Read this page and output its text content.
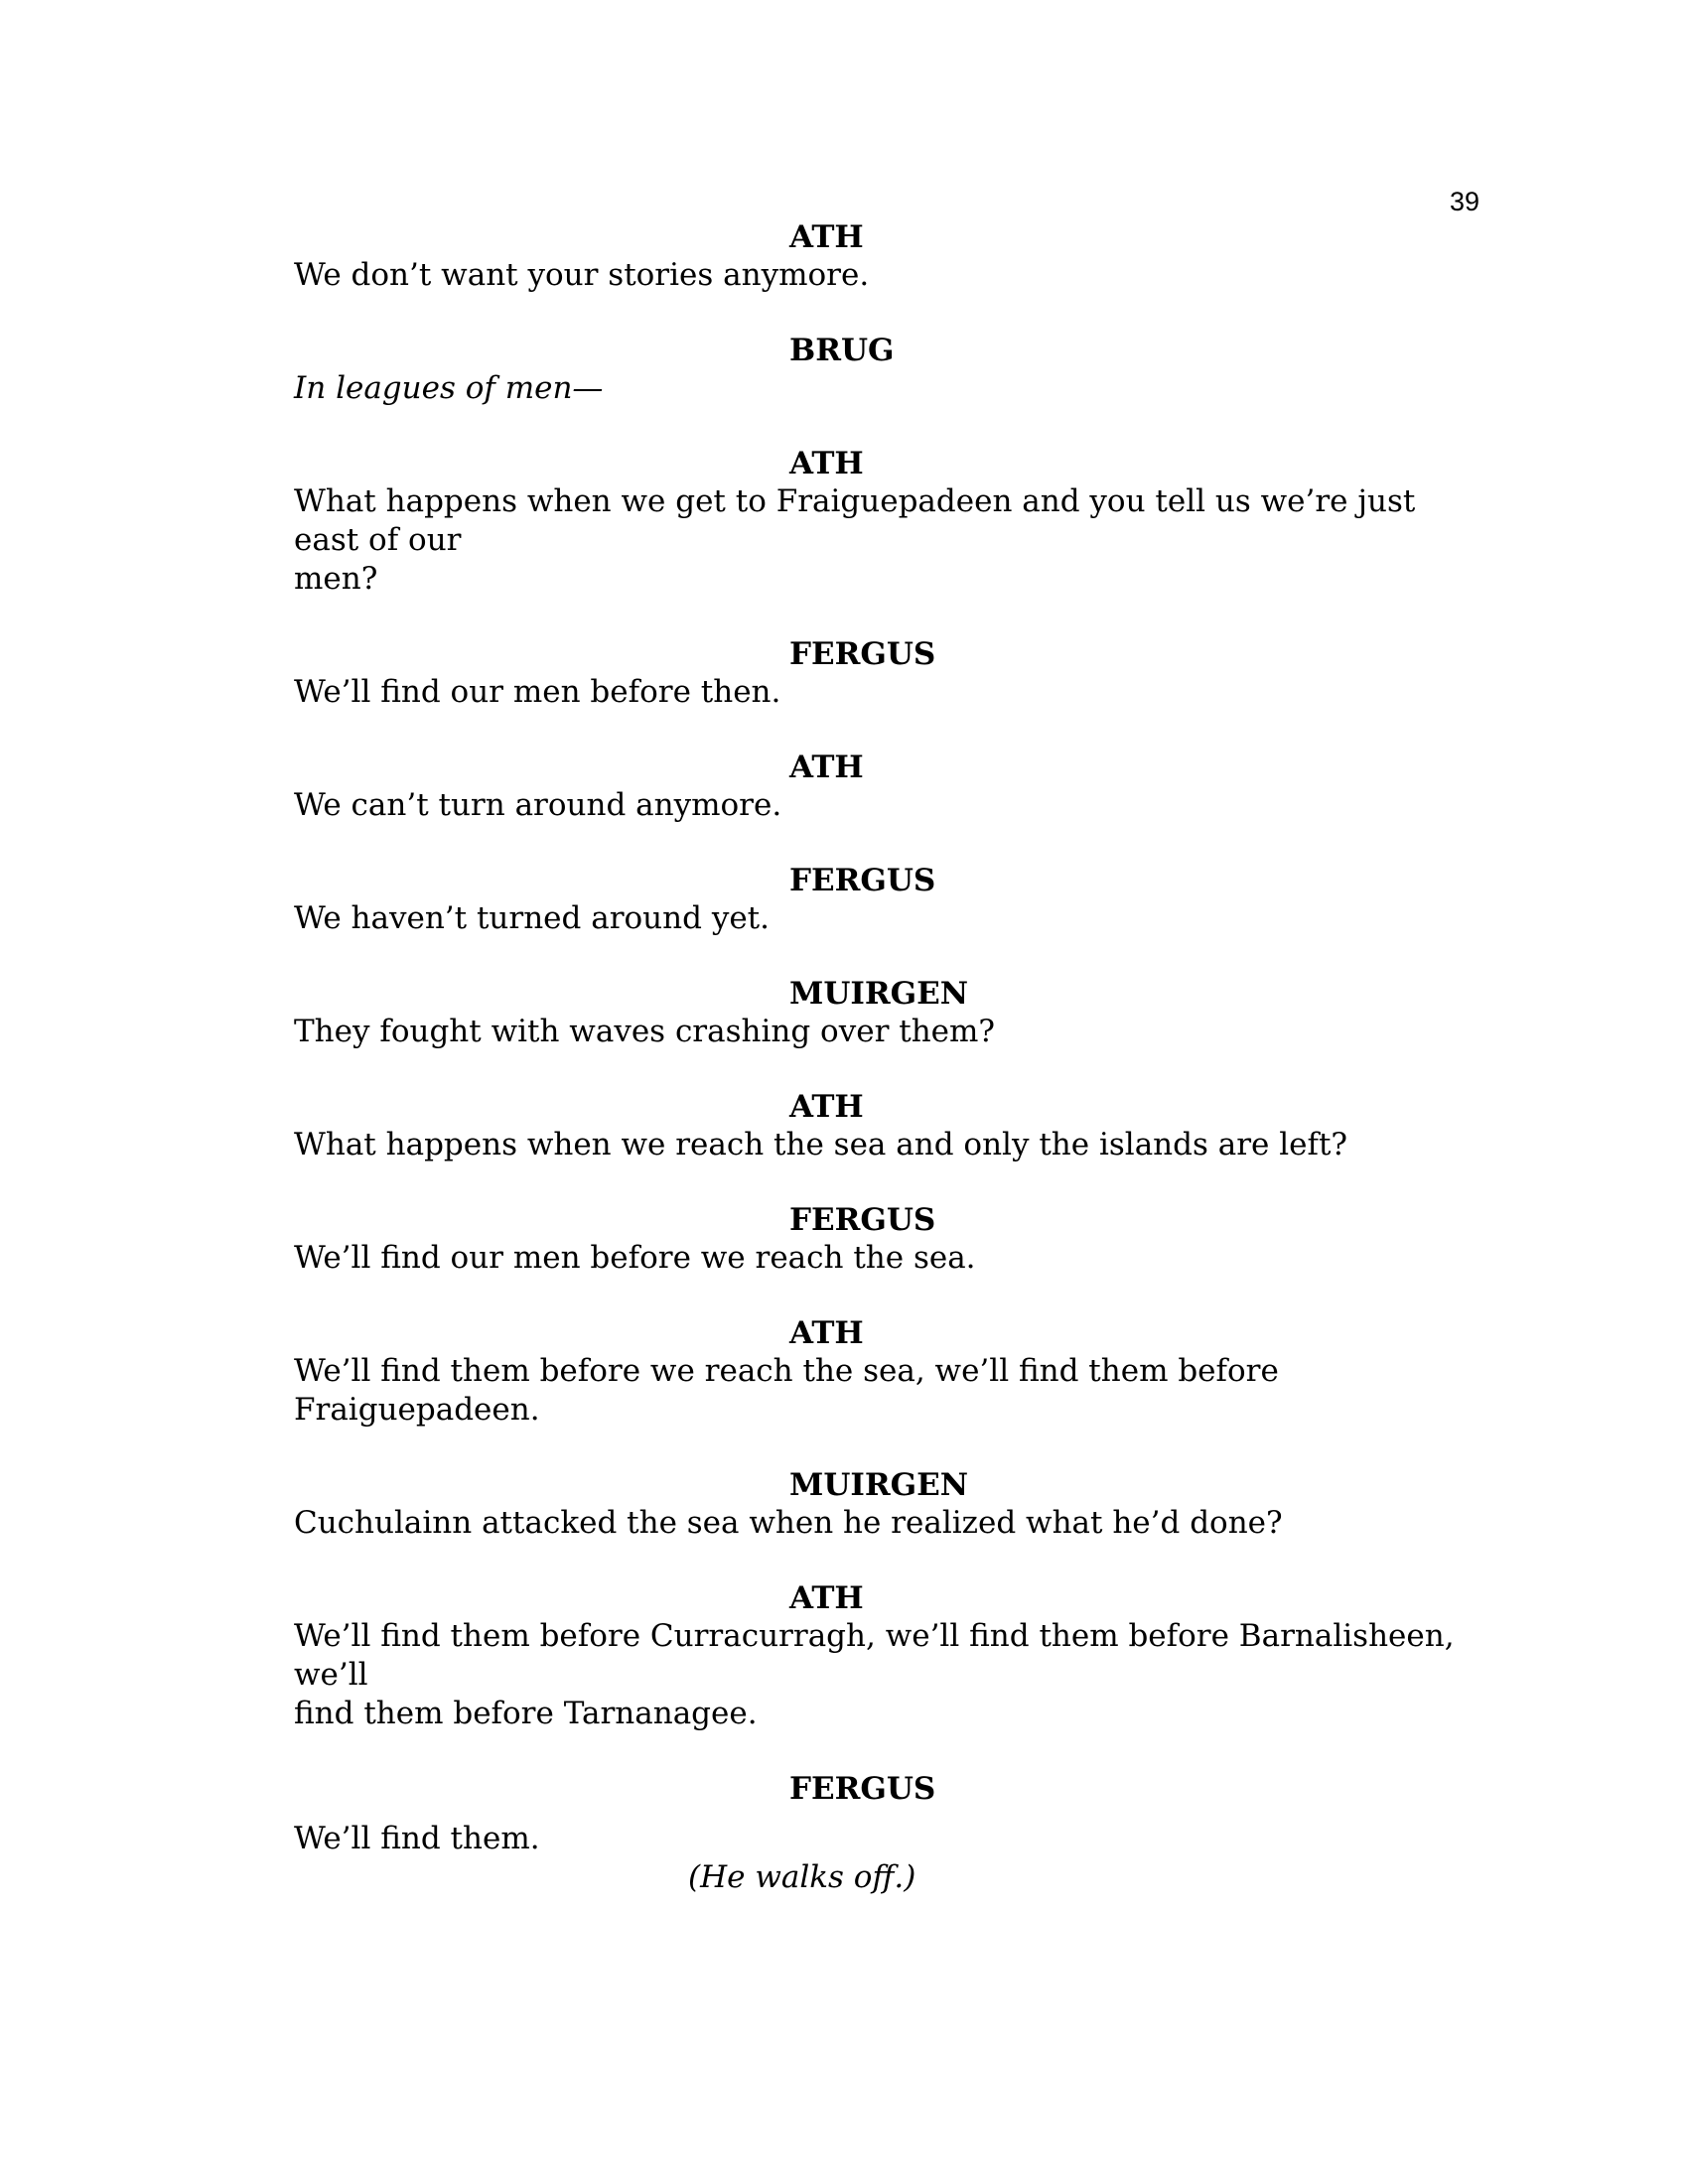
39

ATH

We don’t want your stories anymore.

BRUG

In leagues of men—

ATH

What happens when we get to Fraiguepadeen and you tell us we’re just east of our

men?

FERGUS

We’ll find our men before then.

ATH

We can’t turn around anymore.

FERGUS

We haven’t turned around yet.

MUIRGEN

They fought with waves crashing over them?

ATH

What happens when we reach the sea and only the islands are left?

FERGUS

We’ll find our men before we reach the sea.

ATH

We’ll find them before we reach the sea, we’ll find them before Fraiguepadeen.

MUIRGEN

Cuchulainn attacked the sea when he realized what he’d done?

ATH

We’ll find them before Curracurragh, we’ll find them before Barnalisheen, we’ll

find them before Tarnanagee.

FERGUS

We’ll find them.

(He walks off.)
